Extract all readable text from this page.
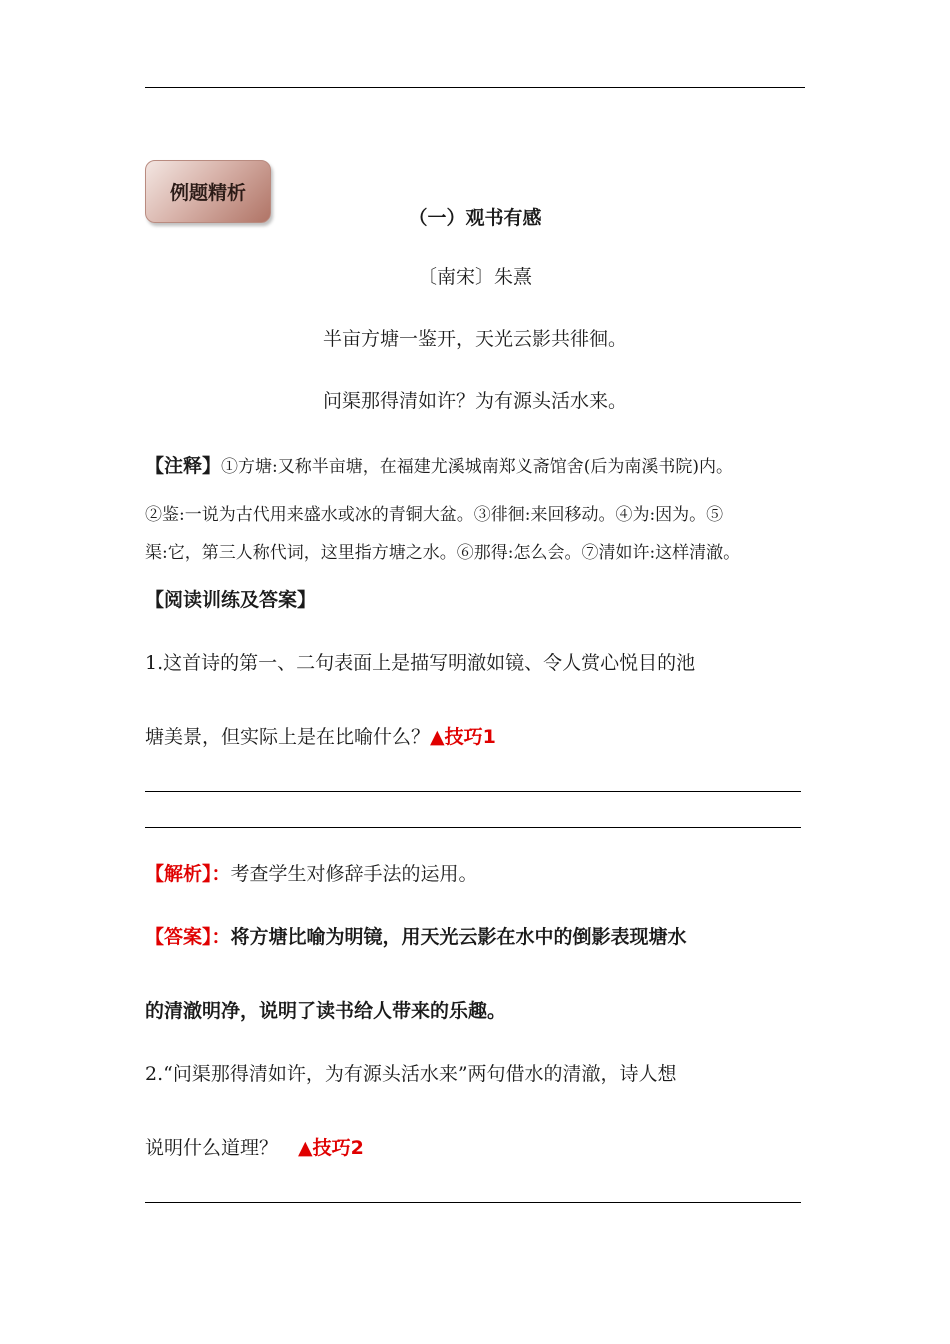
例题精析
（一）观书有感
〔南宋〕朱熹
半亩方塘一鉴开，天光云影共徘徊。
问渠那得清如许？为有源头活水来。
【注释】①方塘:又称半亩塘，在福建尤溪城南郑义斋馆舍(后为南溪书院)内。
②鉴:一说为古代用来盛水或冰的青铜大盆。③徘徊:来回移动。④为:因为。⑤
渠:它，第三人称代词，这里指方塘之水。⑥那得:怎么会。⑦清如许:这样清澈。
【阅读训练及答案】
1.这首诗的第一、二句表面上是描写明澈如镜、令人赏心悦目的池
塘美景，但实际上是在比喻什么？▲技巧1
【解析】：考查学生对修辞手法的运用。
【答案】：将方塘比喻为明镜，用天光云影在水中的倒影表现塘水
的清澈明净，说明了读书给人带来的乐趣。
2.“问渠那得清如许，为有源头活水来”两句借水的清澈，诗人想
说明什么道理？ ▲技巧2
